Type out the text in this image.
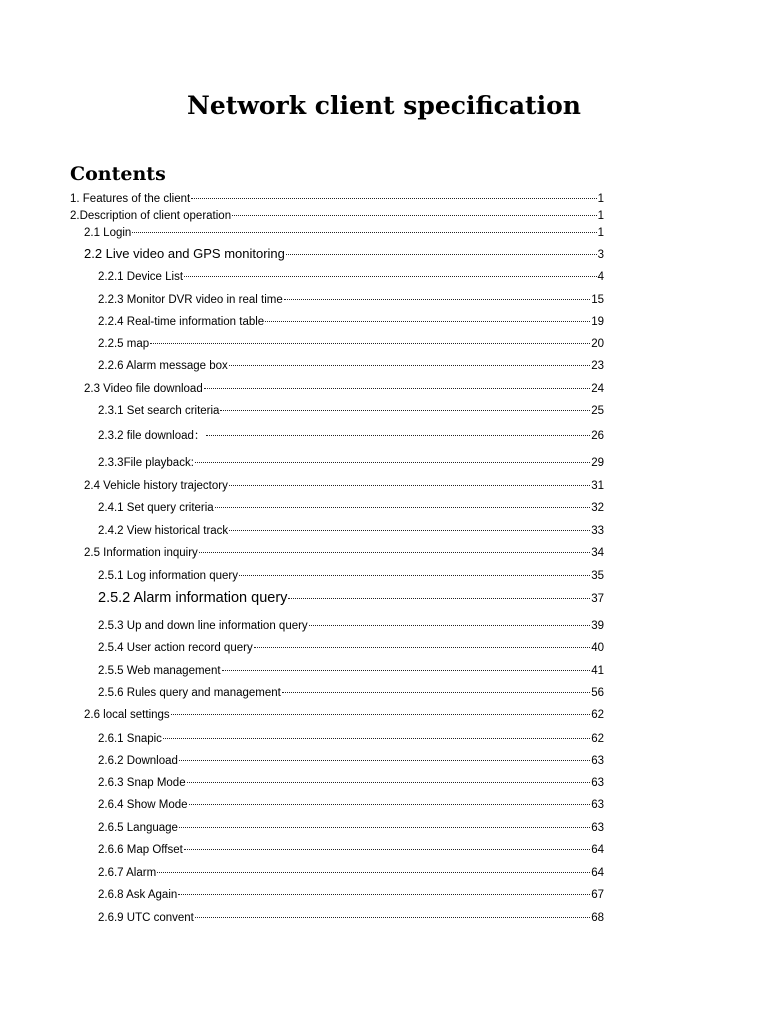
Network client specification
Contents
1. Features of the client	1
2.Description of client operation	1
2.1 Login	1
2.2 Live video and GPS monitoring	3
2.2.1 Device List	4
2.2.3 Monitor DVR video in real time	15
2.2.4 Real-time information table	19
2.2.5 map	20
2.2.6 Alarm message box	23
2.3 Video file download	24
2.3.1 Set search criteria	25
2.3.2 file download：	26
2.3.3File playback:	29
2.4 Vehicle history trajectory	31
2.4.1 Set query criteria	32
2.4.2 View historical track	33
2.5 Information inquiry	34
2.5.1 Log information query	35
2.5.2 Alarm information query	37
2.5.3 Up and down line information query	39
2.5.4 User action record query	40
2.5.5 Web management	41
2.5.6 Rules query and management	56
2.6 local settings	62
2.6.1 Snapic	62
2.6.2 Download	63
2.6.3 Snap Mode	63
2.6.4 Show Mode	63
2.6.5 Language	63
2.6.6 Map Offset	64
2.6.7 Alarm	64
2.6.8 Ask Again	67
2.6.9 UTC convent	68
